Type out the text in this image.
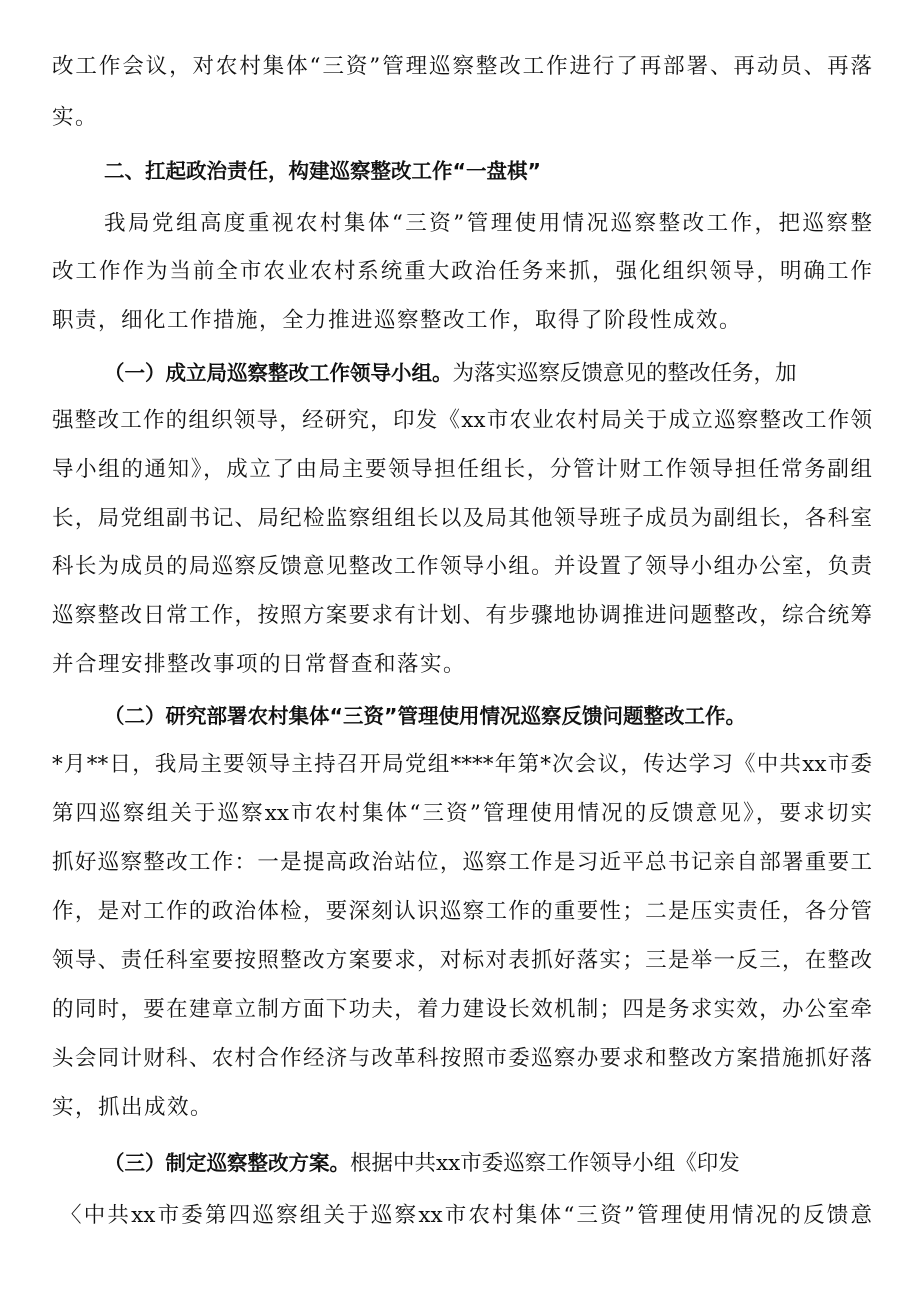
改工作会议，对农村集体“三资”管理巡察整改工作进行了再部署、再动员、再落
实。
二、扛起政治责任，构建巡察整改工作“一盘棋”
我局党组高度重视农村集体“三资”管理使用情况巡察整改工作，把巡察整
改工作作为当前全市农业农村系统重大政治任务来抓，强化组织领导，明确工作
职责，细化工作措施，全力推进巡察整改工作，取得了阶段性成效。
（一）成立局巡察整改工作领导小组。为落实巡察反馈意见的整改任务，加
强整改工作的组织领导，经研究，印发《xx市农业农村局关于成立巡察整改工作领
导小组的通知》，成立了由局主要领导担任组长，分管计财工作领导担任常务副组
长，局党组副书记、局纪检监察组组长以及局其他领导班子成员为副组长，各科室
科长为成员的局巡察反馈意见整改工作领导小组。并设置了领导小组办公室，负责
巡察整改日常工作，按照方案要求有计划、有步骤地协调推进问题整改，综合统筹
并合理安排整改事项的日常督查和落实。
（二）研究部署农村集体“三资”管理使用情况巡察反馈问题整改工作。
*月**日，我局主要领导主持召开局党组****年第*次会议，传达学习《中共xx市委
第四巡察组关于巡察xx市农村集体“三资”管理使用情况的反馈意见》，要求切实
抓好巡察整改工作：一是提高政治站位，巡察工作是习近平总书记亲自部署重要工
作，是对工作的政治体检，要深刻认识巡察工作的重要性；二是压实责任，各分管
领导、责任科室要按照整改方案要求，对标对表抓好落实；三是举一反三，在整改
的同时，要在建章立制方面下功夫，着力建设长效机制；四是务求实效，办公室牵
头会同计财科、农村合作经济与改革科按照市委巡察办要求和整改方案措施抓好落
实，抓出成效。
（三）制定巡察整改方案。根据中共xx市委巡察工作领导小组《印发
〈中共xx市委第四巡察组关于巡察xx市农村集体“三资”管理使用情况的反馈意
